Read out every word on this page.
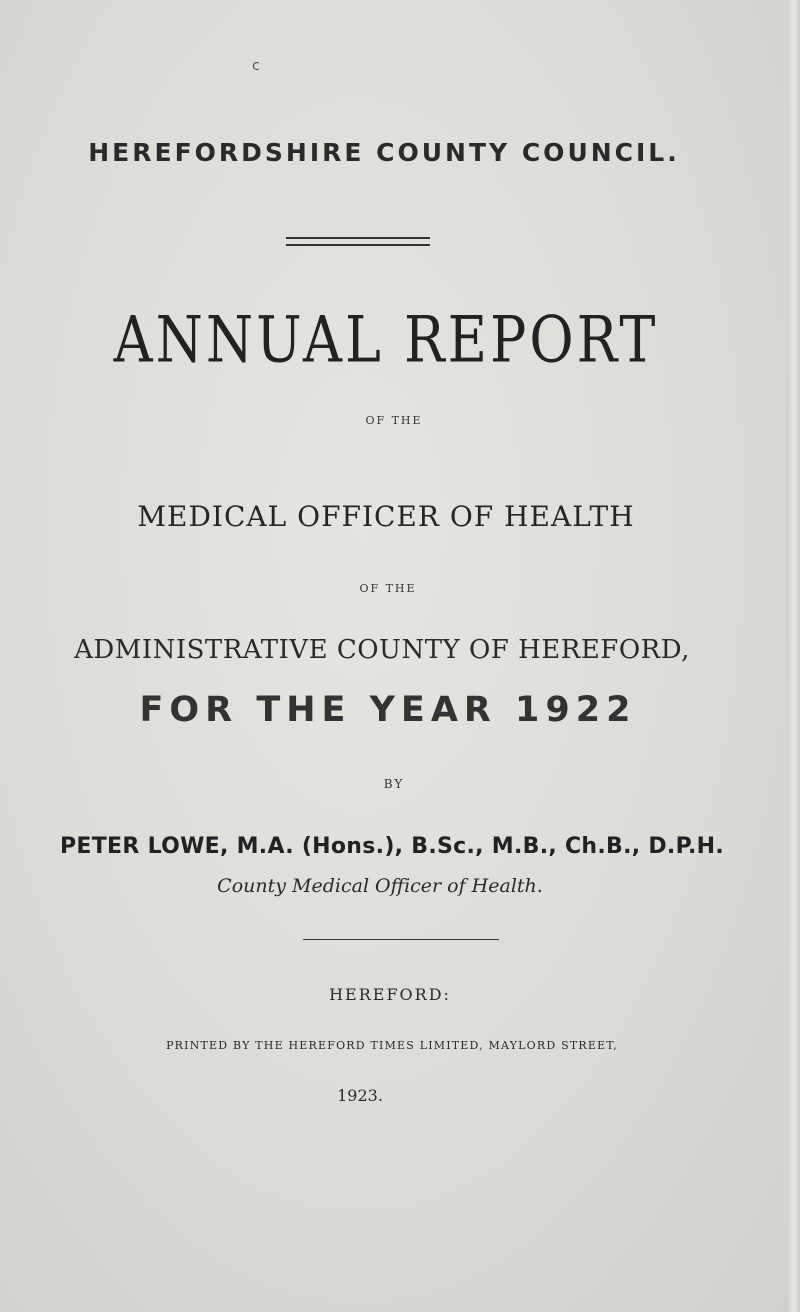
c
HEREFORDSHIRE COUNTY COUNCIL.
ANNUAL REPORT
OF THE
MEDICAL OFFICER OF HEALTH
OF THE
ADMINISTRATIVE COUNTY OF HEREFORD,
FOR THE YEAR 1922
BY
PETER LOWE, M.A. (Hons.), B.Sc., M.B., Ch.B., D.P.H.
County Medical Officer of Health.
HEREFORD:
PRINTED BY THE HEREFORD TIMES LIMITED, MAYLORD STREET,
1923.
